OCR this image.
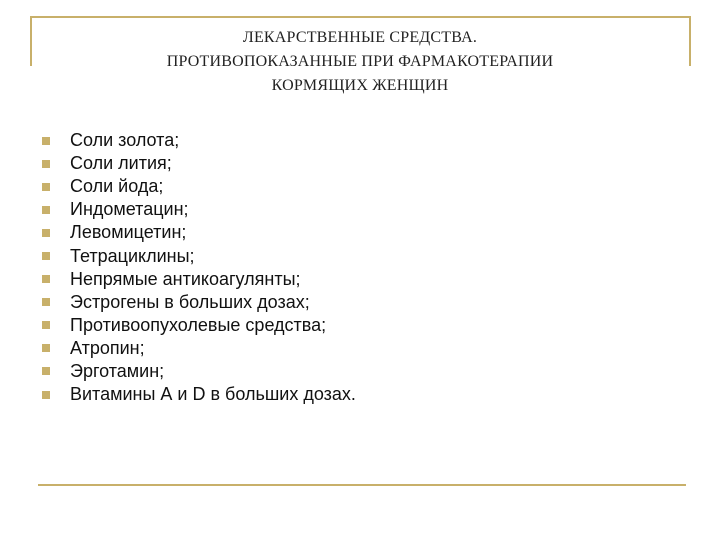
ЛЕКАРСТВЕННЫЕ СРЕДСТВА.
ПРОТИВОПОКАЗАННЫЕ ПРИ ФАРМАКОТЕРАПИИ
КОРМЯЩИХ ЖЕНЩИН
Соли золота;
Соли лития;
Соли йода;
Индометацин;
Левомицетин;
Тетрациклины;
Непрямые антикоагулянты;
Эстрогены в больших дозах;
Противоопухолевые средства;
Атропин;
Эрготамин;
Витамины А и D в больших дозах.
